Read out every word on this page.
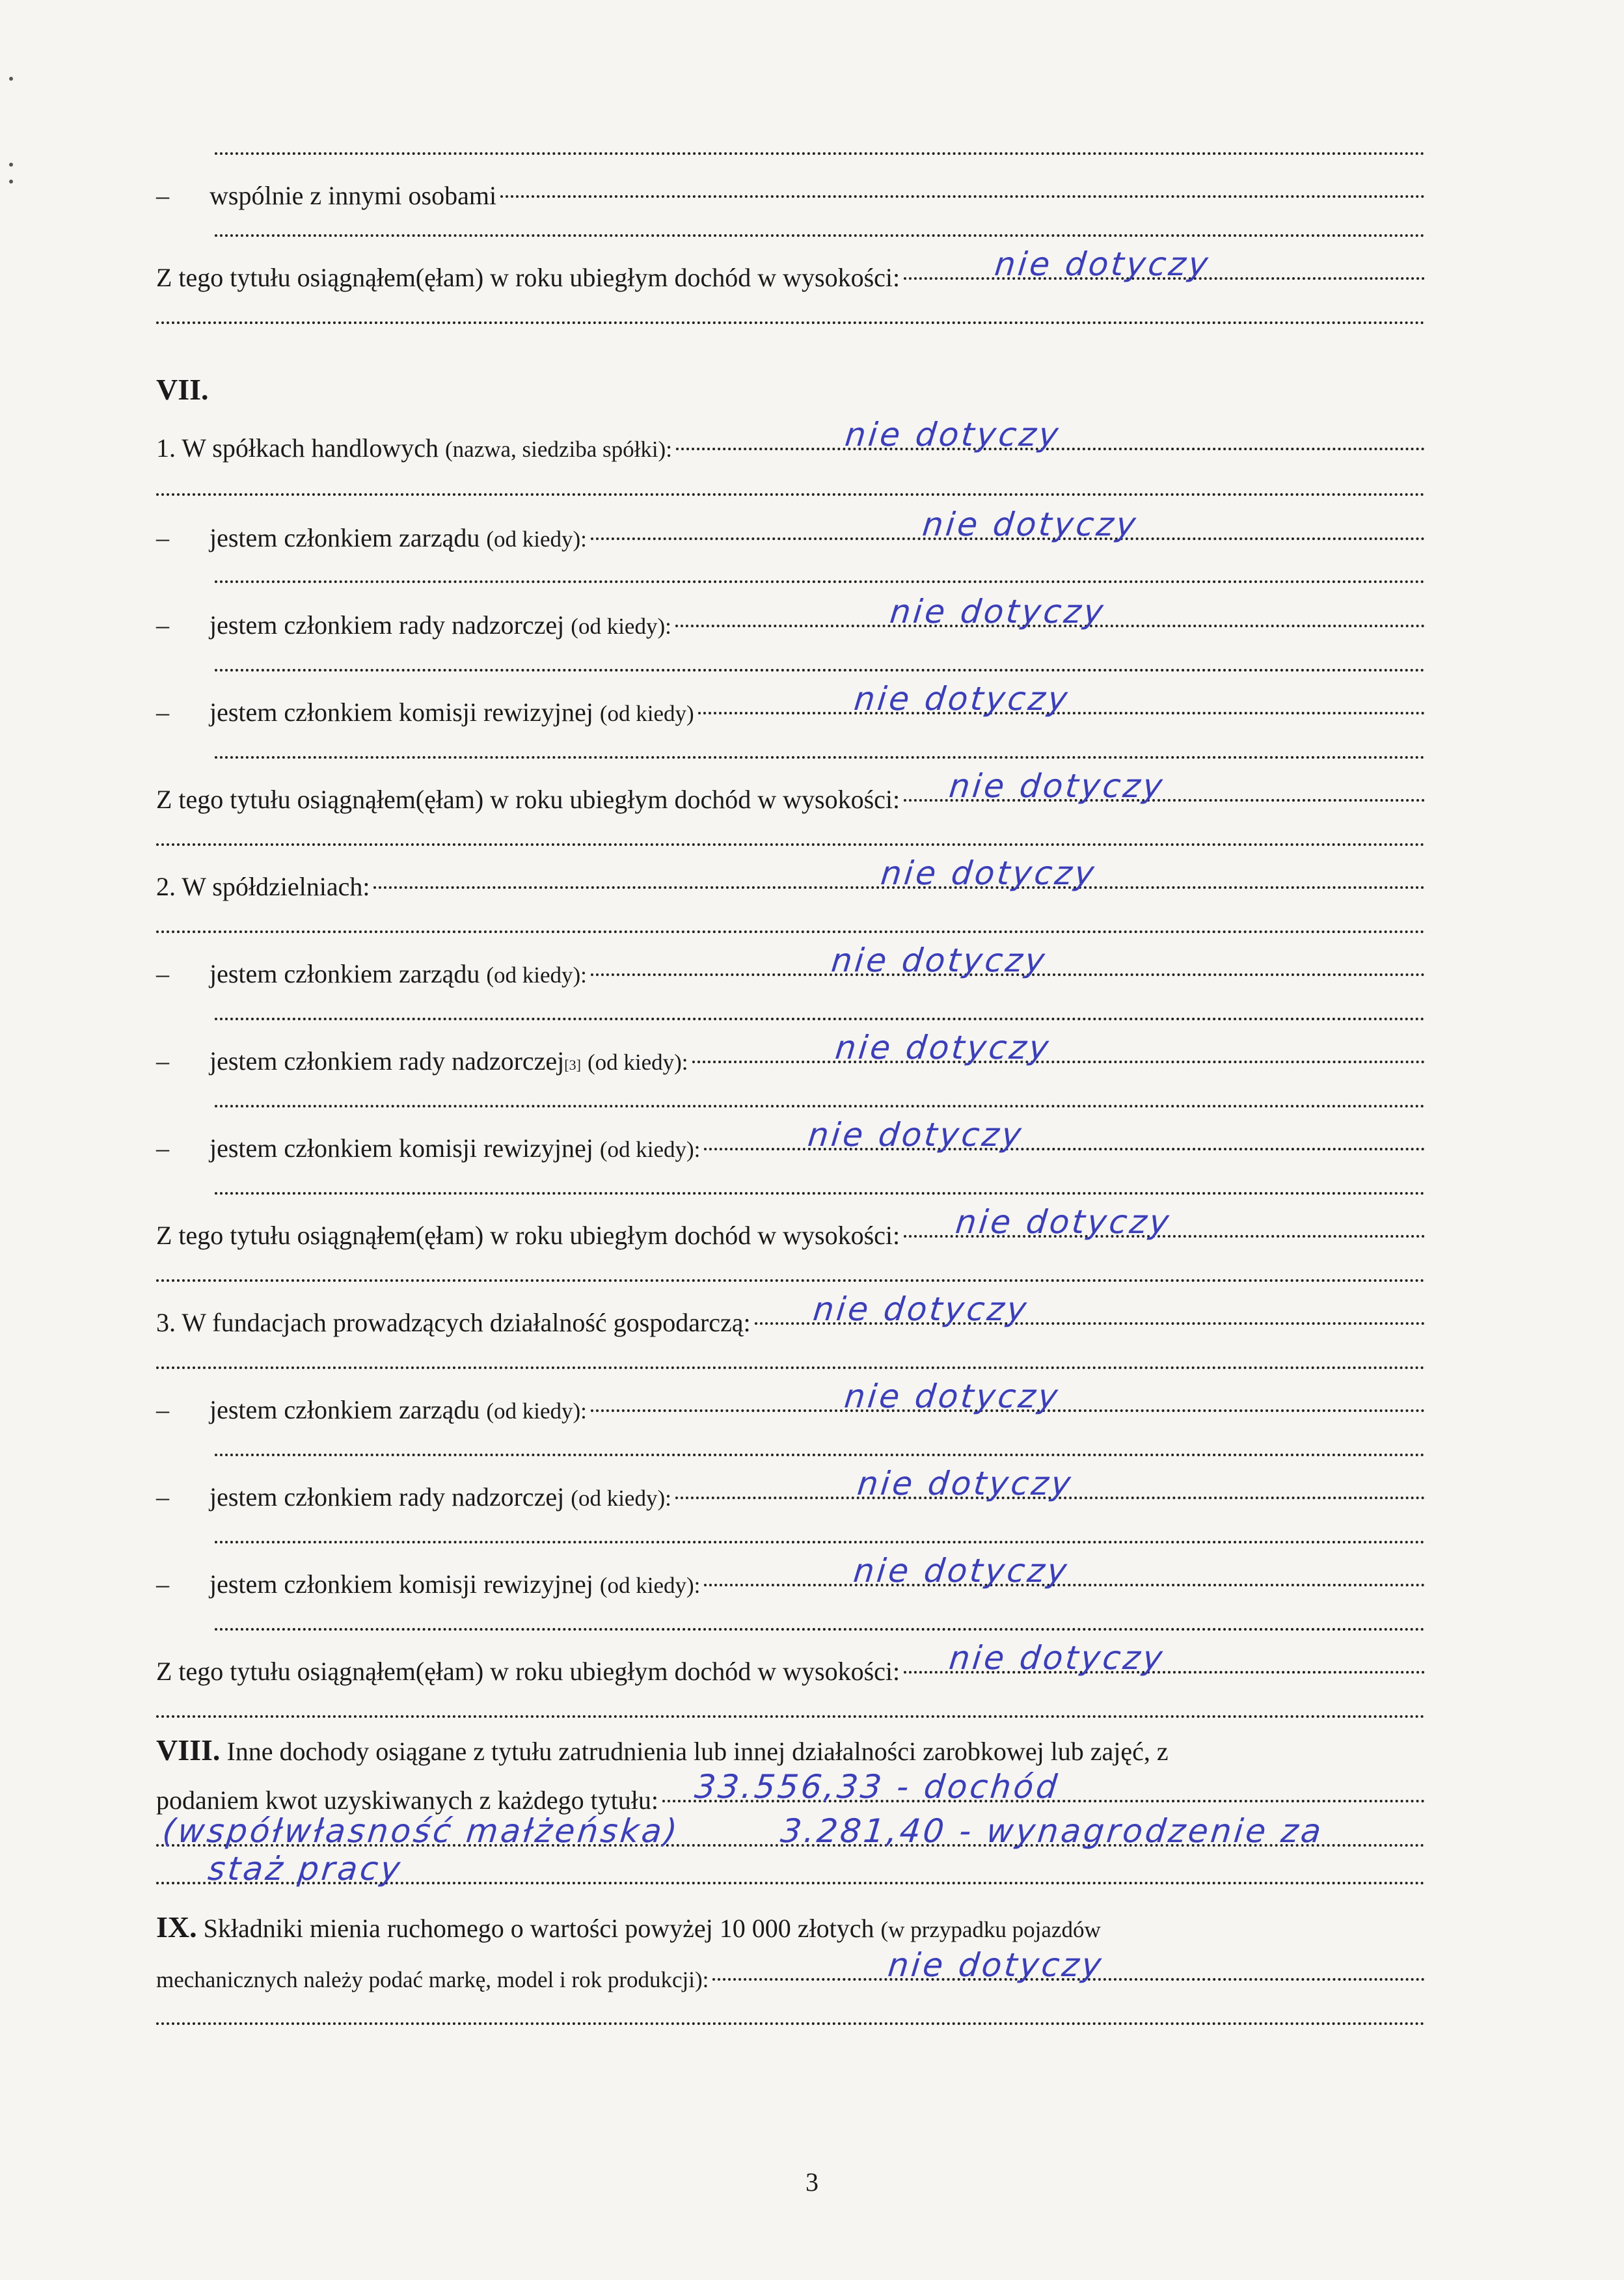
–	wspólnie z innymi osobami
Z tego tytułu osiągnąłem(ęłam) w roku ubiegłym dochód w wysokości:	nie dotyczy
VII.
1. W spółkach handlowych
(nazwa, siedziba spółki):	nie dotyczy
–	jestem członkiem zarządu
(od kiedy):	nie dotyczy
–	jestem członkiem rady nadzorczej
(od kiedy):	nie dotyczy
–	jestem członkiem komisji rewizyjnej
(od kiedy)	nie dotyczy
Z tego tytułu osiągnąłem(ęłam) w roku ubiegłym dochód w wysokości: nie dotyczy
2. W spółdzielniach:	nie dotyczy
–	jestem członkiem zarządu
(od kiedy):	nie dotyczy
–	jestem członkiem rady nadzorczej [3]
(od kiedy):	nie dotyczy
–	jestem członkiem komisji rewizyjnej
(od kiedy):	nie dotyczy
Z tego tytułu osiągnąłem(ęłam) w roku ubiegłym dochód w wysokości: nie dotyczy
3. W fundacjach prowadzących działalność gospodarczą: nie dotyczy
–	jestem członkiem zarządu
(od kiedy):	nie dotyczy
–	jestem członkiem rady nadzorczej
(od kiedy):	nie dotyczy
–	jestem członkiem komisji rewizyjnej
(od kiedy):	nie dotyczy
Z tego tytułu osiągnąłem(ęłam) w roku ubiegłym dochód w wysokości: nie dotyczy
VIII.
Inne dochody osiągane z tytułu zatrudnienia lub innej działalności zarobkowej lub zajęć, z
podaniem kwot uzyskiwanych z każdego tytułu: 33.556,33 - dochód
(współwłasność małżeńska)	3.281,40 - wynagrodzenie za
staż pracy
IX.
Składniki mienia ruchomego o wartości powyżej 10 000 złotych
(w przypadku pojazdów
mechanicznych należy podać markę, model i rok produkcji):	nie dotyczy
3
